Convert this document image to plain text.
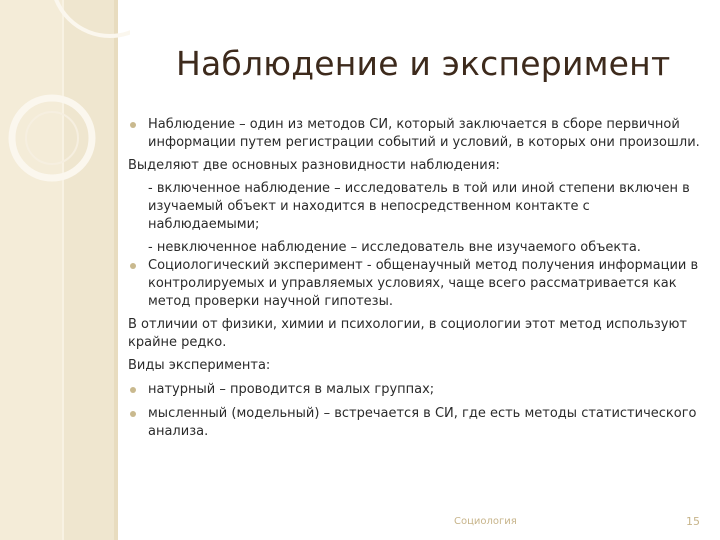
Наблюдение и эксперимент

Наблюдение – один из методов СИ, который заключается в сборе первичной информации путем регистрации событий и условий, в которых они произошли.

Выделяют две основных разновидности наблюдения:

- включенное наблюдение – исследователь в той или иной степени включен в изучаемый объект и находится в непосредственном контакте с наблюдаемыми;

- невключенное наблюдение – исследователь вне изучаемого объекта.

Социологический эксперимент - общенаучный метод получения информации в контролируемых и управляемых условиях, чаще всего рассматривается как метод проверки научной гипотезы.

В отличии от физики, химии и психологии, в социологии этот метод используют крайне редко.

Виды эксперимента:

натурный – проводится в малых группах;

мысленный (модельный) – встречается в СИ, где есть методы статистического анализа.

Социология	15
